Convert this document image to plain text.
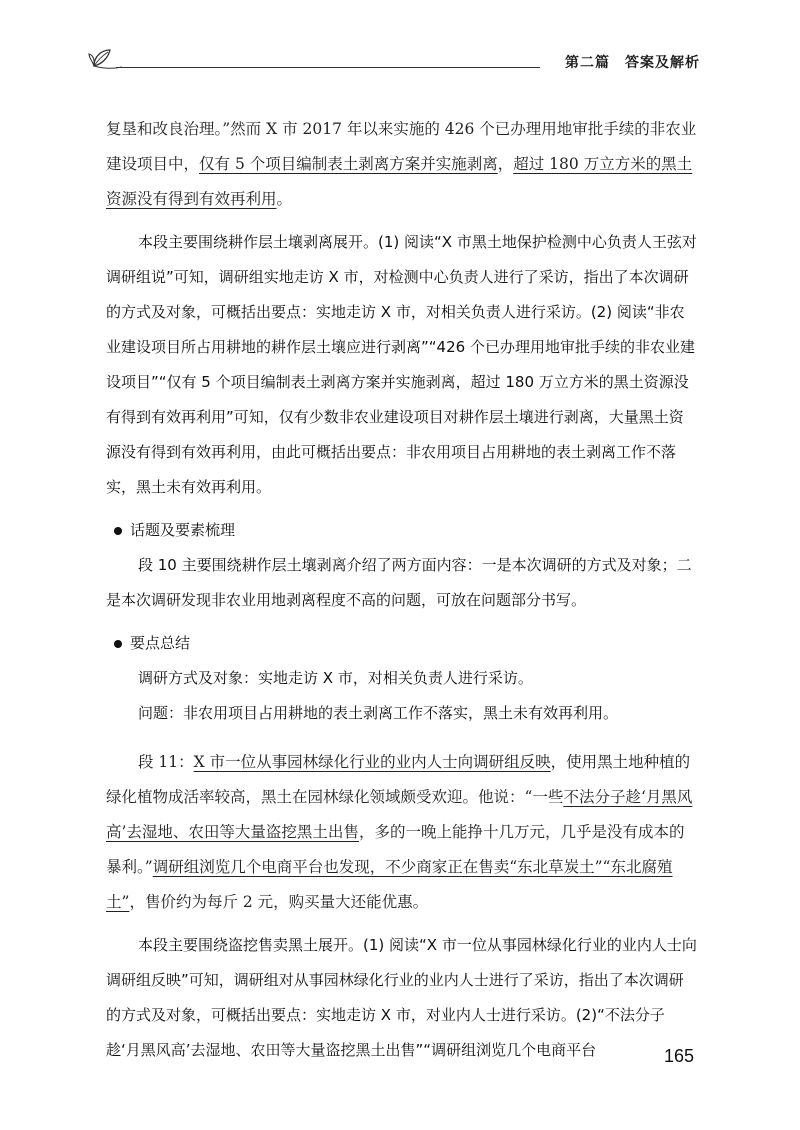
第二篇　答案及解析

复垦和改良治理。”然而 X 市 2017 年以来实施的 426 个已办理用地审批手续的非农业建设项目中，仅有 5 个项目编制表土剥离方案并实施剥离，超过 180 万立方米的黑土资源没有得到有效再利用。

本段主要围绕耕作层土壤剥离展开。(1) 阅读“X 市黑土地保护检测中心负责人王弦对调研组说”可知，调研组实地走访 X 市，对检测中心负责人进行了采访，指出了本次调研的方式及对象，可概括出要点：实地走访 X 市，对相关负责人进行采访。(2) 阅读“非农业建设项目所占用耕地的耕作层土壤应进行剥离”“426 个已办理用地审批手续的非农业建设项目”“仅有 5 个项目编制表土剥离方案并实施剥离，超过 180 万立方米的黑土资源没有得到有效再利用”可知，仅有少数非农业建设项目对耕作层土壤进行剥离，大量黑土资源没有得到有效再利用，由此可概括出要点：非农用项目占用耕地的表土剥离工作不落实，黑土未有效再利用。

话题及要素梳理

段 10 主要围绕耕作层土壤剥离介绍了两方面内容：一是本次调研的方式及对象；二是本次调研发现非农业用地剥离程度不高的问题，可放在问题部分书写。

要点总结

调研方式及对象：实地走访 X 市，对相关负责人进行采访。

问题：非农用项目占用耕地的表土剥离工作不落实，黑土未有效再利用。

段 11：X 市一位从事园林绿化行业的业内人士向调研组反映，使用黑土地种植的绿化植物成活率较高，黑土在园林绿化领域颇受欢迎。他说：“一些不法分子趁‘月黑风高’去湿地、农田等大量盗挖黑土出售，多的一晚上能挣十几万元，几乎是没有成本的暴利。”调研组浏览几个电商平台也发现，不少商家正在售卖“东北草炭土”“东北腐殖土”，售价约为每斤 2 元，购买量大还能优惠。

本段主要围绕盗挖售卖黑土展开。(1) 阅读“X 市一位从事园林绿化行业的业内人士向调研组反映”可知，调研组对从事园林绿化行业的业内人士进行了采访，指出了本次调研的方式及对象，可概括出要点：实地走访 X 市，对业内人士进行采访。(2)“不法分子趁‘月黑风高’去湿地、农田等大量盗挖黑土出售”“调研组浏览几个电商平台	165
